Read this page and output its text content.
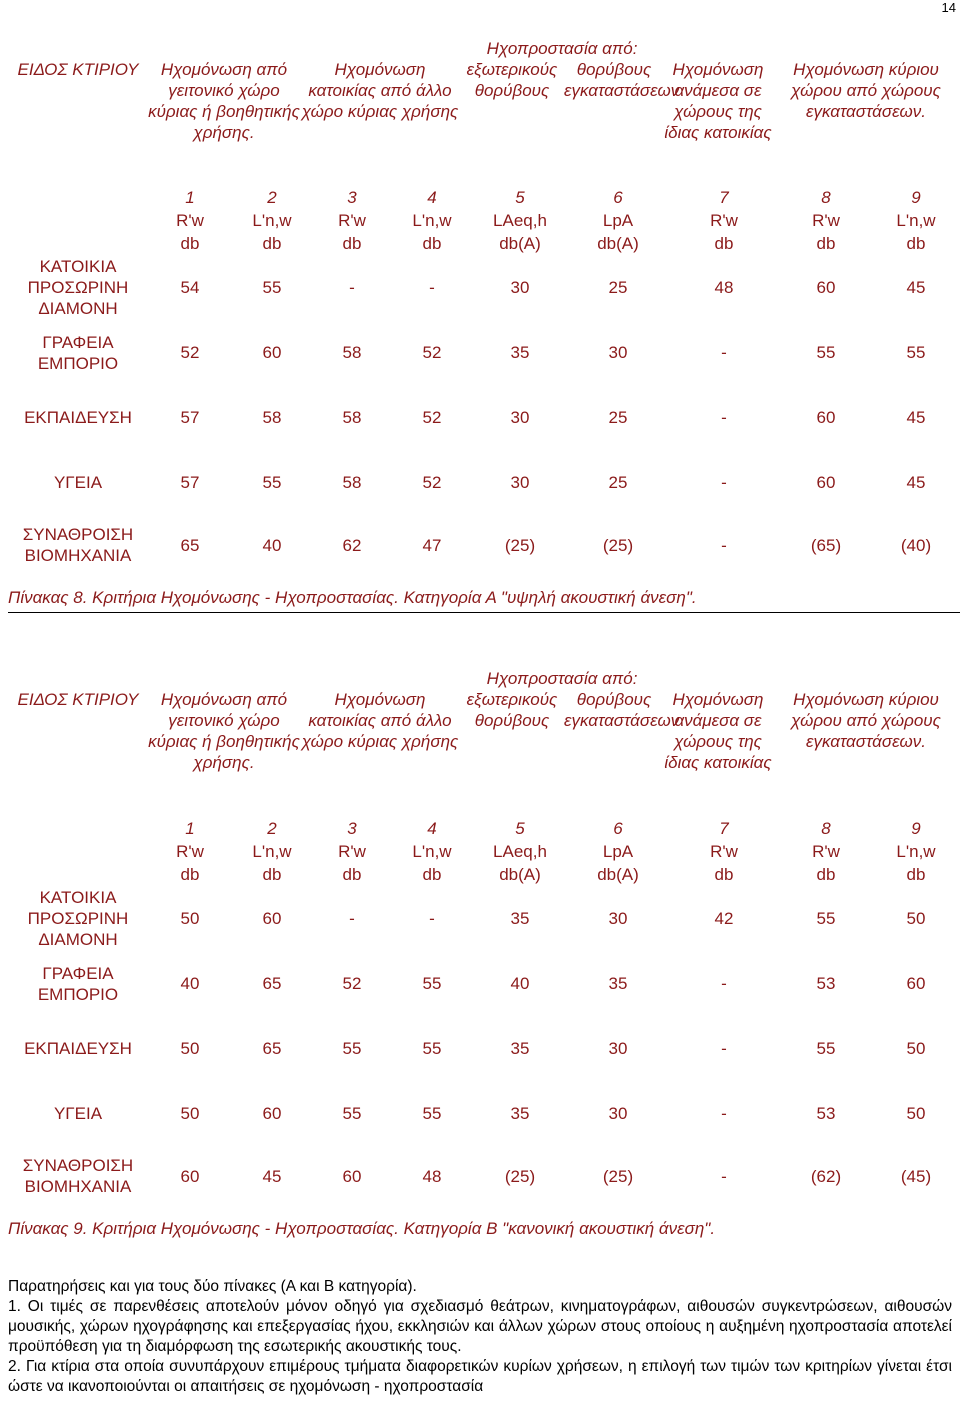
14
ΕΙΔΟΣ ΚΤΙΡΙΟΥ	Ηχομόνωση από γειτονικό χώρο κύριας ή βοηθητικής χρήσης.	Ηχομόνωση κατοικίας από άλλο χώρο κύριας χρήσης	Ηχοπροστασία από:		Ηχομόνωση ανάμεσα σε χώρους της ίδιας κατοικίας	Ηχομόνωση κύριου χώρου από χώρους εγκαταστάσεων.
			εξωτερικούς θορύβους	θορύβους εγκαταστάσεων		
	1	2	3	4	5	6	7	8	9
	R'w	L'n,w	R'w	L'n,w	LAeq,h	LpA	R'w	R'w	L'n,w
	db	db	db	db	db(A)	db(A)	db	db	db
ΚΑΤΟΙΚΙΑ ΠΡΟΣΩΡΙΝΗ ΔΙΑΜΟΝΗ	54	55	-	-	30	25	48	60	45
ΓΡΑΦΕΙΑ ΕΜΠΟΡΙΟ	52	60	58	52	35	30	-	55	55
ΕΚΠΑΙΔΕΥΣΗ	57	58	58	52	30	25	-	60	45
ΥΓΕΙΑ	57	55	58	52	30	25	-	60	45
ΣΥΝΑΘΡΟΙΣΗ ΒΙΟΜΗΧΑΝΙΑ	65	40	62	47	(25)	(25)	-	(65)	(40)
Πίνακας 8. Κριτήρια Ηχομόνωσης - Ηχοπροστασίας. Κατηγορία Α "υψηλή ακουστική άνεση".
ΕΙΔΟΣ ΚΤΙΡΙΟΥ	Ηχομόνωση από γειτονικό χώρο κύριας ή βοηθητικής χρήσης.	Ηχομόνωση κατοικίας από άλλο χώρο κύριας χρήσης	Ηχοπροστασία από:		Ηχομόνωση ανάμεσα σε χώρους της ίδιας κατοικίας	Ηχομόνωση κύριου χώρου από χώρους εγκαταστάσεων.
			εξωτερικούς θορύβους	θορύβους εγκαταστάσεων		
	1	2	3	4	5	6	7	8	9
	R'w	L'n,w	R'w	L'n,w	LAeq,h	LpA	R'w	R'w	L'n,w
	db	db	db	db	db(A)	db(A)	db	db	db
ΚΑΤΟΙΚΙΑ ΠΡΟΣΩΡΙΝΗ ΔΙΑΜΟΝΗ	50	60	-	-	35	30	42	55	50
ΓΡΑΦΕΙΑ ΕΜΠΟΡΙΟ	40	65	52	55	40	35	-	53	60
ΕΚΠΑΙΔΕΥΣΗ	50	65	55	55	35	30	-	55	50
ΥΓΕΙΑ	50	60	55	55	35	30	-	53	50
ΣΥΝΑΘΡΟΙΣΗ ΒΙΟΜΗΧΑΝΙΑ	60	45	60	48	(25)	(25)	-	(62)	(45)
Πίνακας 9. Κριτήρια Ηχομόνωσης - Ηχοπροστασίας. Κατηγορία Β "κανονική ακουστική άνεση".

Παρατηρήσεις και για τους δύο πίνακες (Α και Β κατηγορία).

1. Οι τιμές σε παρενθέσεις αποτελούν μόνον οδηγό για σχεδιασμό θεάτρων, κινηματογράφων, αιθουσών συγκεντρώσεων, αιθουσών μουσικής, χώρων ηχογράφησης και επεξεργασίας ήχου, εκκλησιών και άλλων χώρων στους οποίους η αυξημένη ηχοπροστασία αποτελεί προϋπόθεση για τη διαμόρφωση της εσωτερικής ακουστικής τους.

2. Για κτίρια στα οποία συνυπάρχουν επιμέρους τμήματα διαφορετικών κυρίων χρήσεων, η επιλογή των τιμών των κριτηρίων γίνεται έτσι ώστε να ικανοποιούνται οι απαιτήσεις σε ηχομόνωση - ηχοπροστασία
